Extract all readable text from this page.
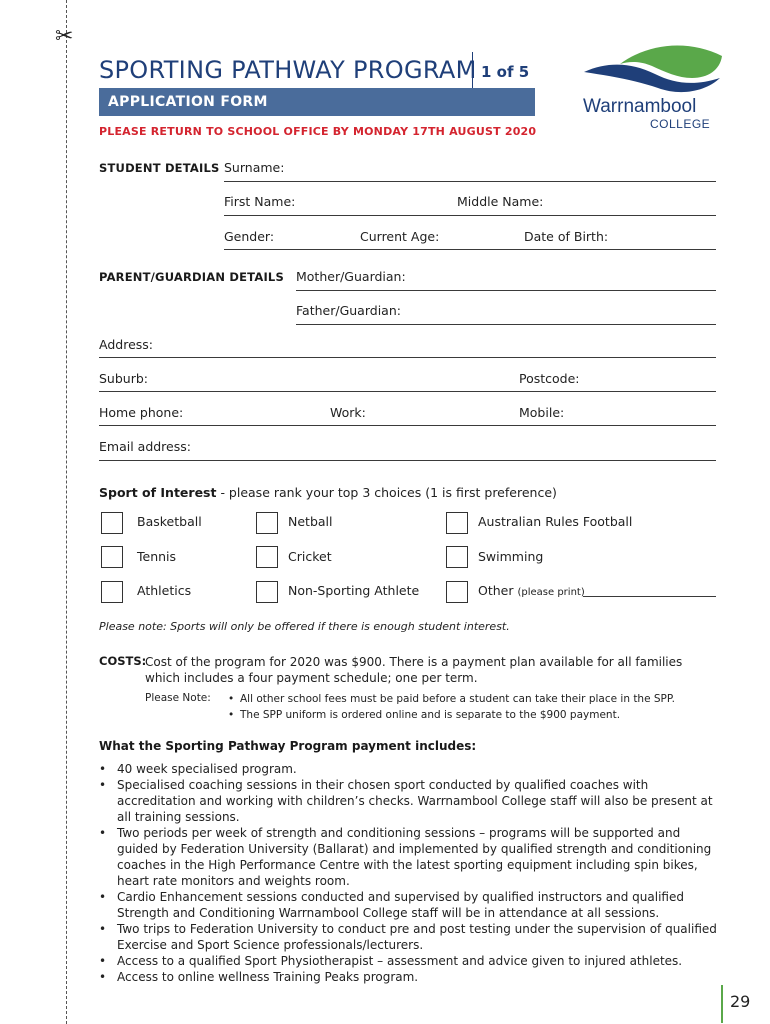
✂
SPORTING PATHWAY PROGRAM 1 of 5
APPLICATION FORM
PLEASE RETURN TO SCHOOL OFFICE BY MONDAY 17TH AUGUST 2020
Warrnambool
COLLEGE
STUDENT DETAILS Surname:
First Name:	Middle Name:
Gender:	Current Age:	Date of Birth:
PARENT/GUARDIAN DETAILS Mother/Guardian:
Father/Guardian:
Address:
Suburb:	Postcode:
Home phone:	Work:	Mobile:
Email address:
Sport of Interest - please rank your top 3 choices (1 is first preference)
Basketball	Netball	Australian Rules Football
Tennis	Cricket	Swimming
Athletics	Non-Sporting Athlete	Other (please print)
Please note: Sports will only be offered if there is enough student interest.
COSTS:
Cost of the program for 2020 was $900. There is a payment plan available for all families which includes a four payment schedule; one per term.
Please Note:
•	All other school fees must be paid before a student can take their place in the SPP.
• The SPP uniform is ordered online and is separate to the $900 payment.
What the Sporting Pathway Program payment includes:
• 40 week specialised program.
• Specialised coaching sessions in their chosen sport conducted by qualified coaches with accreditation and working with children’s checks. Warrnambool College staff will also be present at all training sessions.
• Two periods per week of strength and conditioning sessions – programs will be supported and guided by Federation University (Ballarat) and implemented by qualified strength and conditioning coaches in the High Performance Centre with the latest sporting equipment including spin bikes, heart rate monitors and weights room.
• Cardio Enhancement sessions conducted and supervised by qualified instructors and qualified Strength and Conditioning Warrnambool College staff will be in attendance at all sessions.
• Two trips to Federation University to conduct pre and post testing under the supervision of qualified Exercise and Sport Science professionals/lecturers.
• Access to a qualified Sport Physiotherapist – assessment and advice given to injured athletes.
• Access to online wellness Training Peaks program.
29
